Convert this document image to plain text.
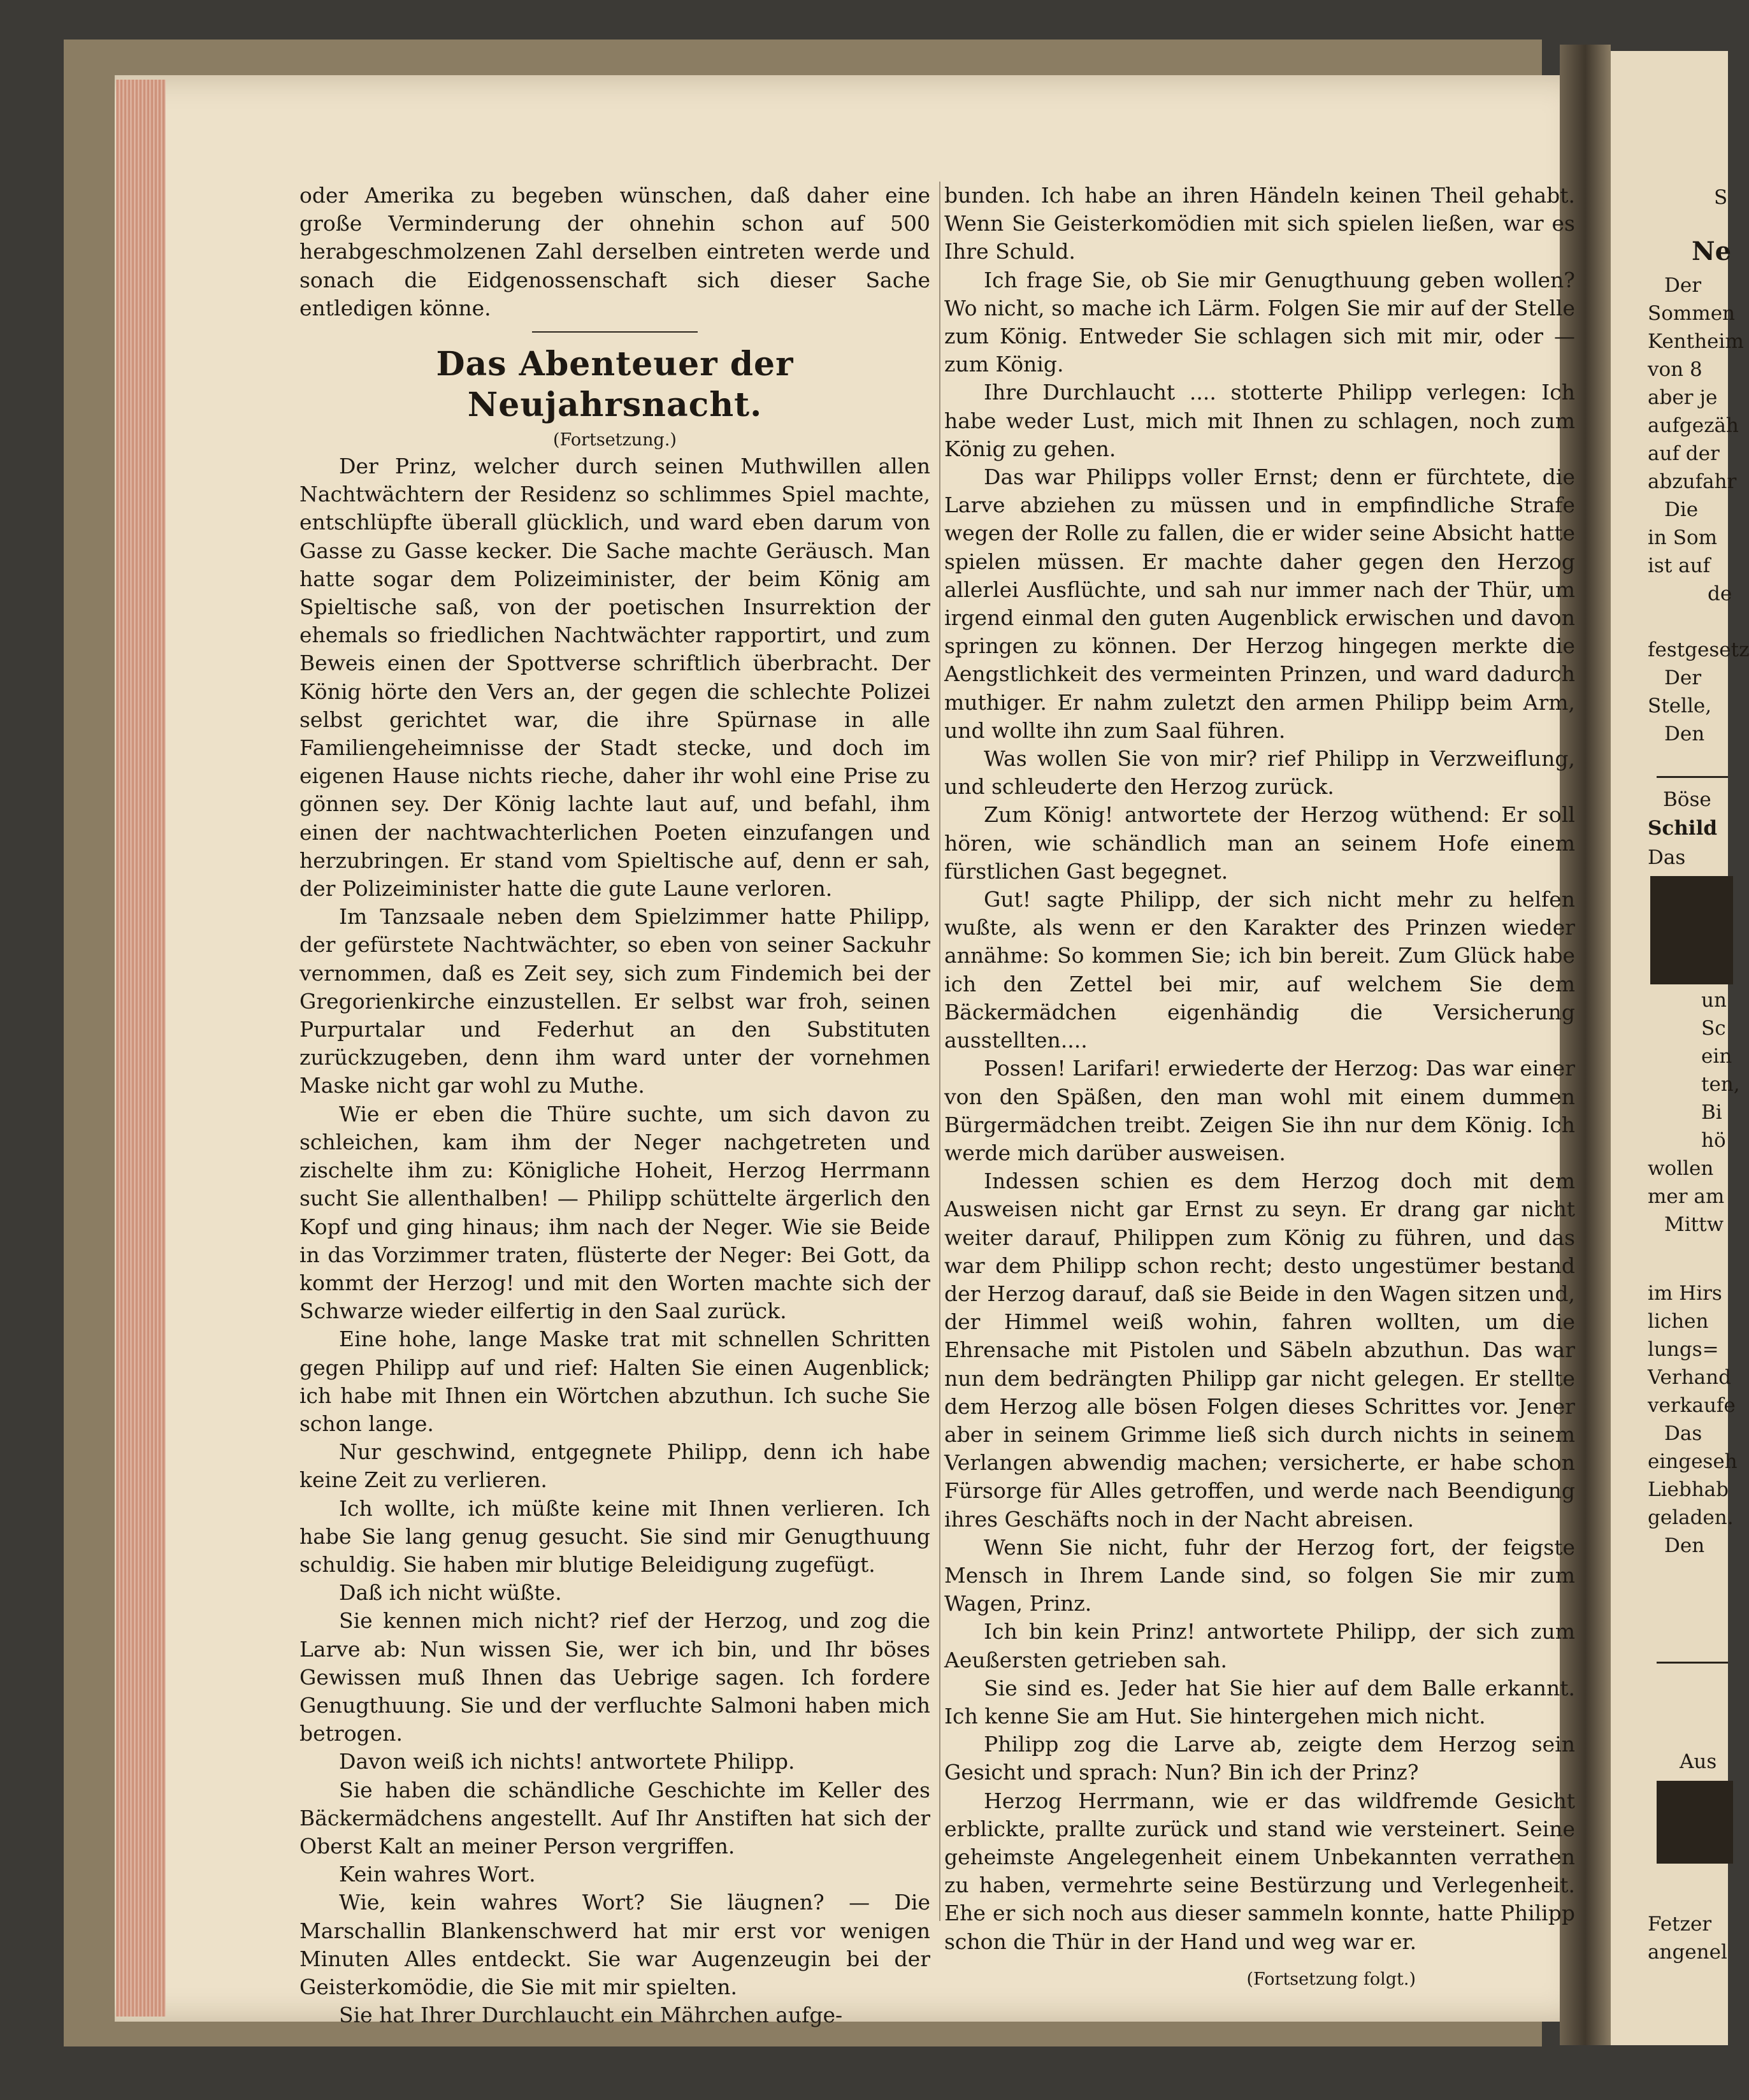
oder Amerika zu begeben wünschen, daß daher eine große Verminderung der ohnehin schon auf 500 herabgeschmolzenen Zahl derselben eintreten werde und sonach die Eidgenossenschaft sich dieser Sache entledigen könne.

Das Abenteuer der Neujahrsnacht.
(Fortsetzung.)

Der Prinz, welcher durch seinen Muthwillen allen Nachtwächtern der Residenz so schlimmes Spiel machte, entschlüpfte überall glücklich, und ward eben darum von Gasse zu Gasse kecker. Die Sache machte Geräusch. Man hatte sogar dem Polizeiminister, der beim König am Spieltische saß, von der poetischen Insurrektion der ehemals so friedlichen Nachtwächter rapportirt, und zum Beweis einen der Spottverse schriftlich überbracht. Der König hörte den Vers an, der gegen die schlechte Polizei selbst gerichtet war, die ihre Spürnase in alle Familiengeheimnisse der Stadt stecke, und doch im eigenen Hause nichts rieche, daher ihr wohl eine Prise zu gönnen sey. Der König lachte laut auf, und befahl, ihm einen der nachtwachterlichen Poeten einzufangen und herzubringen. Er stand vom Spieltische auf, denn er sah, der Polizeiminister hatte die gute Laune verloren.

Im Tanzsaale neben dem Spielzimmer hatte Philipp, der gefürstete Nachtwächter, so eben von seiner Sackuhr vernommen, daß es Zeit sey, sich zum Findemich bei der Gregorienkirche einzustellen. Er selbst war froh, seinen Purpurtalar und Federhut an den Substituten zurückzugeben, denn ihm ward unter der vornehmen Maske nicht gar wohl zu Muthe.

Wie er eben die Thüre suchte, um sich davon zu schleichen, kam ihm der Neger nachgetreten und zischelte ihm zu: Königliche Hoheit, Herzog Herrmann sucht Sie allenthalben! — Philipp schüttelte ärgerlich den Kopf und ging hinaus; ihm nach der Neger. Wie sie Beide in das Vorzimmer traten, flüsterte der Neger: Bei Gott, da kommt der Herzog! und mit den Worten machte sich der Schwarze wieder eilfertig in den Saal zurück.

Eine hohe, lange Maske trat mit schnellen Schritten gegen Philipp auf und rief: Halten Sie einen Augenblick; ich habe mit Ihnen ein Wörtchen abzuthun. Ich suche Sie schon lange.

Nur geschwind, entgegnete Philipp, denn ich habe keine Zeit zu verlieren.

Ich wollte, ich müßte keine mit Ihnen verlieren. Ich habe Sie lang genug gesucht. Sie sind mir Genugthuung schuldig. Sie haben mir blutige Beleidigung zugefügt.

Daß ich nicht wüßte.

Sie kennen mich nicht? rief der Herzog, und zog die Larve ab: Nun wissen Sie, wer ich bin, und Ihr böses Gewissen muß Ihnen das Uebrige sagen. Ich fordere Genugthuung. Sie und der verfluchte Salmoni haben mich betrogen.

Davon weiß ich nichts! antwortete Philipp.

Sie haben die schändliche Geschichte im Keller des Bäckermädchens angestellt. Auf Ihr Anstiften hat sich der Oberst Kalt an meiner Person vergriffen.

Kein wahres Wort.

Wie, kein wahres Wort? Sie läugnen? — Die Marschallin Blankenschwerd hat mir erst vor wenigen Minuten Alles entdeckt. Sie war Augenzeugin bei der Geisterkomödie, die Sie mit mir spielten.

Sie hat Ihrer Durchlaucht ein Mährchen aufge-

bunden. Ich habe an ihren Händeln keinen Theil gehabt. Wenn Sie Geisterkomödien mit sich spielen ließen, war es Ihre Schuld.

Ich frage Sie, ob Sie mir Genugthuung geben wollen? Wo nicht, so mache ich Lärm. Folgen Sie mir auf der Stelle zum König. Entweder Sie schlagen sich mit mir, oder — zum König.

Ihre Durchlaucht .... stotterte Philipp verlegen: Ich habe weder Lust, mich mit Ihnen zu schlagen, noch zum König zu gehen.

Das war Philipps voller Ernst; denn er fürchtete, die Larve abziehen zu müssen und in empfindliche Strafe wegen der Rolle zu fallen, die er wider seine Absicht hatte spielen müssen. Er machte daher gegen den Herzog allerlei Ausflüchte, und sah nur immer nach der Thür, um irgend einmal den guten Augenblick erwischen und davon springen zu können. Der Herzog hingegen merkte die Aengstlichkeit des vermeinten Prinzen, und ward dadurch muthiger. Er nahm zuletzt den armen Philipp beim Arm, und wollte ihn zum Saal führen.

Was wollen Sie von mir? rief Philipp in Verzweiflung, und schleuderte den Herzog zurück.

Zum König! antwortete der Herzog wüthend: Er soll hören, wie schändlich man an seinem Hofe einem fürstlichen Gast begegnet.

Gut! sagte Philipp, der sich nicht mehr zu helfen wußte, als wenn er den Karakter des Prinzen wieder annähme: So kommen Sie; ich bin bereit. Zum Glück habe ich den Zettel bei mir, auf welchem Sie dem Bäckermädchen eigenhändig die Versicherung ausstellten....

Possen! Larifari! erwiederte der Herzog: Das war einer von den Späßen, den man wohl mit einem dummen Bürgermädchen treibt. Zeigen Sie ihn nur dem König. Ich werde mich darüber ausweisen.

Indessen schien es dem Herzog doch mit dem Ausweisen nicht gar Ernst zu seyn. Er drang gar nicht weiter darauf, Philippen zum König zu führen, und das war dem Philipp schon recht; desto ungestümer bestand der Herzog darauf, daß sie Beide in den Wagen sitzen und, der Himmel weiß wohin, fahren wollten, um die Ehrensache mit Pistolen und Säbeln abzuthun. Das war nun dem bedrängten Philipp gar nicht gelegen. Er stellte dem Herzog alle bösen Folgen dieses Schrittes vor. Jener aber in seinem Grimme ließ sich durch nichts in seinem Verlangen abwendig machen; versicherte, er habe schon Fürsorge für Alles getroffen, und werde nach Beendigung ihres Geschäfts noch in der Nacht abreisen.

Wenn Sie nicht, fuhr der Herzog fort, der feigste Mensch in Ihrem Lande sind, so folgen Sie mir zum Wagen, Prinz.

Ich bin kein Prinz! antwortete Philipp, der sich zum Aeußersten getrieben sah.

Sie sind es. Jeder hat Sie hier auf dem Balle erkannt. Ich kenne Sie am Hut. Sie hintergehen mich nicht.

Philipp zog die Larve ab, zeigte dem Herzog sein Gesicht und sprach: Nun? Bin ich der Prinz?

Herzog Herrmann, wie er das wildfremde Gesicht erblickte, prallte zurück und stand wie versteinert. Seine geheimste Angelegenheit einem Unbekannten verrathen zu haben, vermehrte seine Bestürzung und Verlegenheit. Ehe er sich noch aus dieser sammeln konnte, hatte Philipp schon die Thür in der Hand und weg war er.

(Fortsetzung folgt.)
S
Ne
Der
Sommen
Kentheim
von 8
aber je
aufgezäh
auf der
abzufahr
Die
in Som
ist auf
de
festgesetz
Der
Stelle,
Den
Böse
Schild
Das
un
Sc
ein
ten,
Bi
hö
wollen
mer am
Mittw
im Hirs
lichen
lungs=
Verhand
verkaufe
Das
eingeseh
Liebhab
geladen.
Den
Aus
Fetzer
angenel
